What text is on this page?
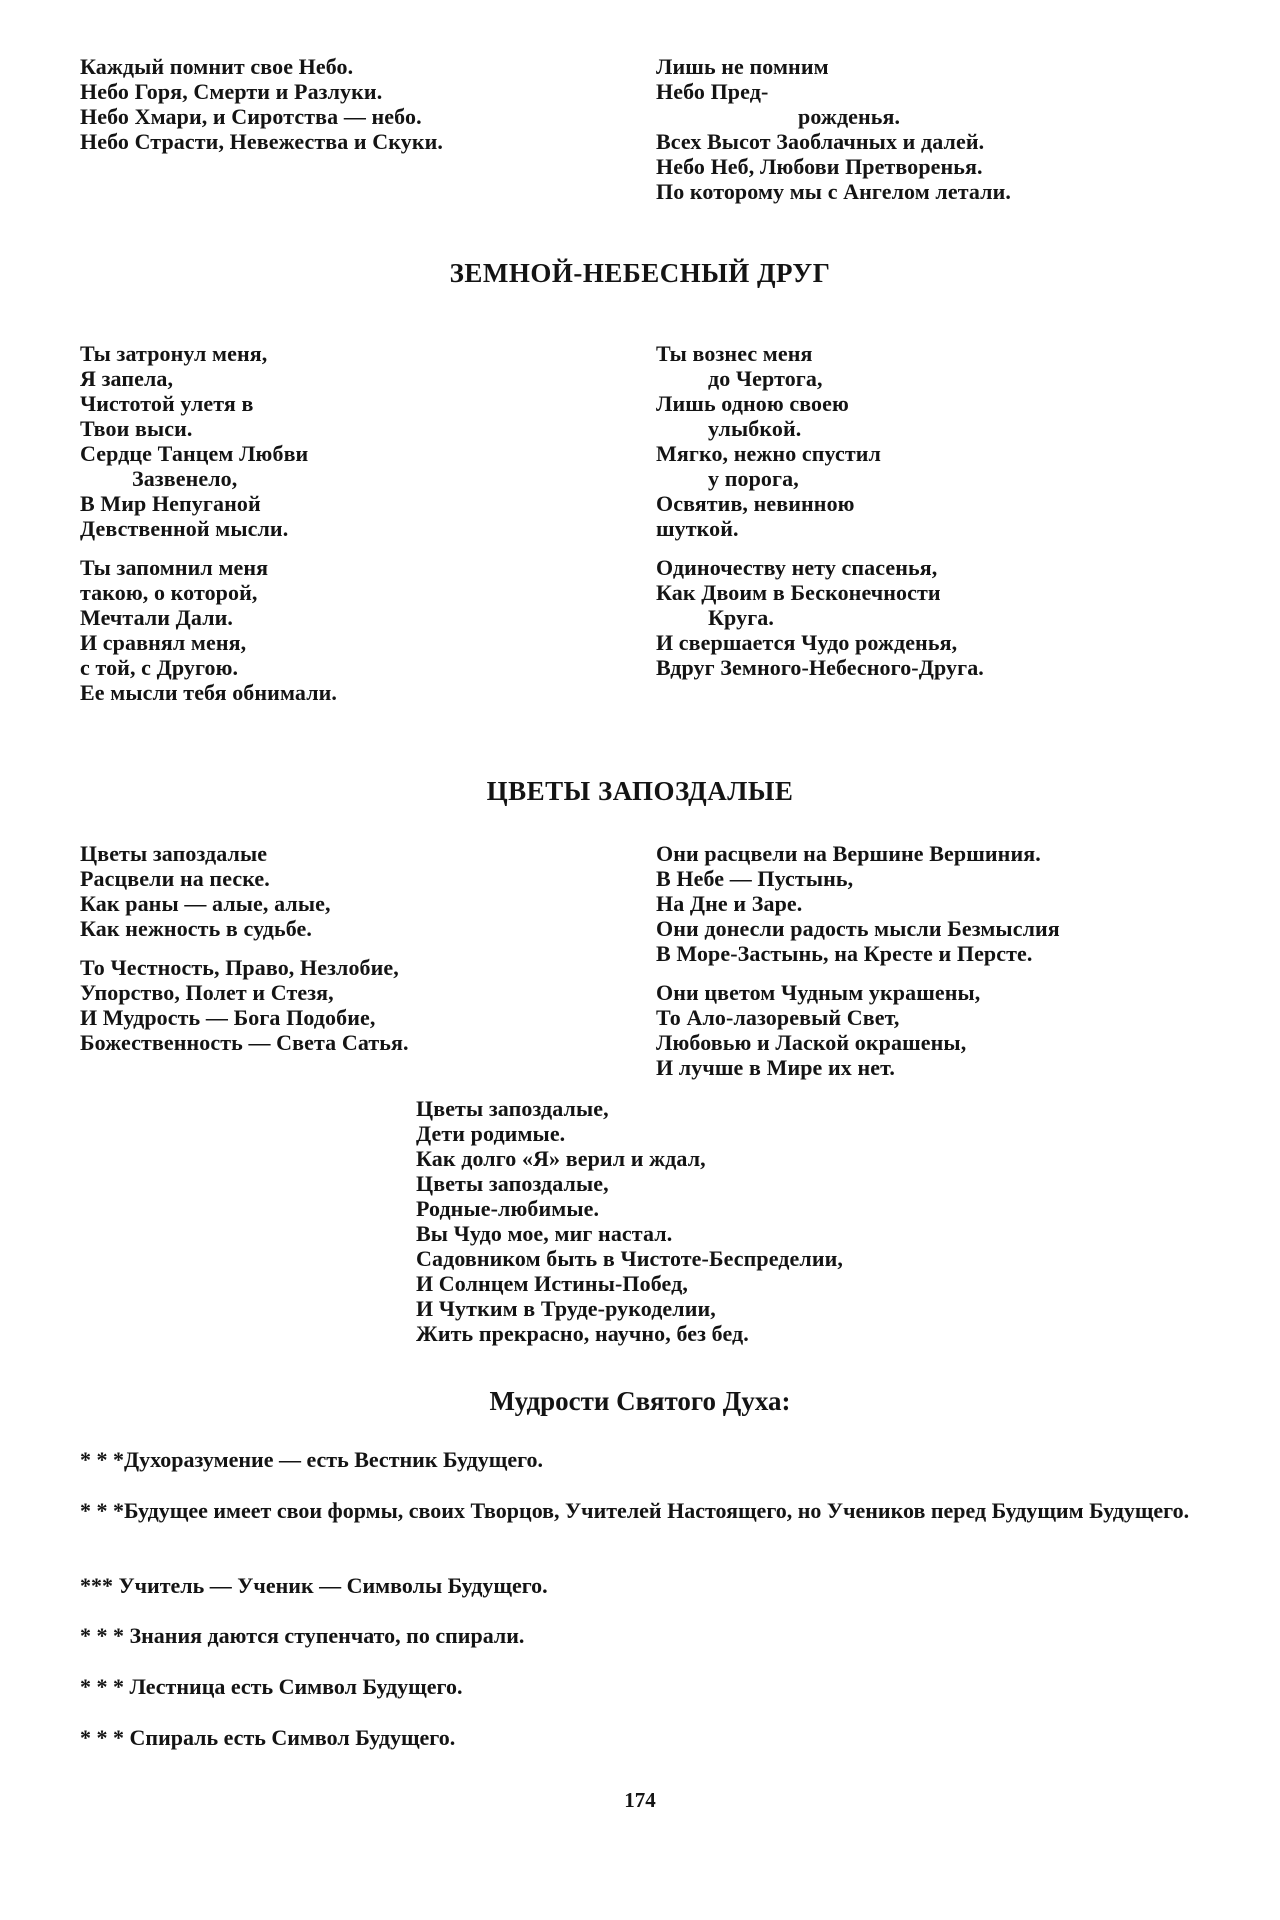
Каждый помнит свое Небо.
Небо Горя, Смерти и Разлуки.
Небо Хмари, и Сиротства — небо.
Небо Страсти, Невежества и Скуки.
Лишь не помним
Небо Пред-
рожденья.
Всех Высот Заоблачных и далей.
Небо Неб, Любови Претворенья.
По которому мы с Ангелом летали.
ЗЕМНОЙ-НЕБЕСНЫЙ ДРУГ
Ты затронул меня,
Я запела,
Чистотой улетя в
Твои выси.
Сердце Танцем Любви
Зазвенело,
В Мир Непуганой
Девственной мысли.
Ты запомнил меня
такою, о которой,
Мечтали Дали.
И сравнял меня,
с той, с Другою.
Ее мысли тебя обнимали.
Ты вознес меня
до Чертога,
Лишь одною своею
улыбкой.
Мягко, нежно спустил
у порога,
Освятив, невинною
шуткой.
Одиночеству нету спасенья,
Как Двоим в Бесконечности
Круга.
И свершается Чудо рожденья,
Вдруг Земного-Небесного-Друга.
ЦВЕТЫ ЗАПОЗДАЛЫЕ
Цветы запоздалые
Расцвели на песке.
Как раны — алые, алые,
Как нежность в судьбе.
То Честность, Право, Незлобие,
Упорство, Полет и Стезя,
И Мудрость — Бога Подобие,
Божественность — Света Сатья.
Они расцвели на Вершине Вершиния.
В Небе — Пустынь,
На Дне и Заре.
Они донесли радость мысли Безмыслия
В Море-Застынь, на Кресте и Персте.
Они цветом Чудным украшены,
То Ало-лазоревый Свет,
Любовью и Лаской окрашены,
И лучше в Мире их нет.
Цветы запоздалые,
Дети родимые.
Как долго «Я» верил и ждал,
Цветы запоздалые,
Родные-любимые.
Вы Чудо мое, миг настал.
Садовником быть в Чистоте-Беспределии,
И Солнцем Истины-Побед,
И Чутким в Труде-рукоделии,
Жить прекрасно, научно, без бед.
Мудрости Святого Духа:
* * *Духоразумение — есть Вестник Будущего.
* * *Будущее имеет свои формы, своих Творцов, Учителей Настоящего, но Учеников перед Будущим Будущего.
*** Учитель — Ученик — Символы Будущего.
* * * Знания даются ступенчато, по спирали.
* * * Лестница есть Символ Будущего.
* * * Спираль есть Символ Будущего.
174
